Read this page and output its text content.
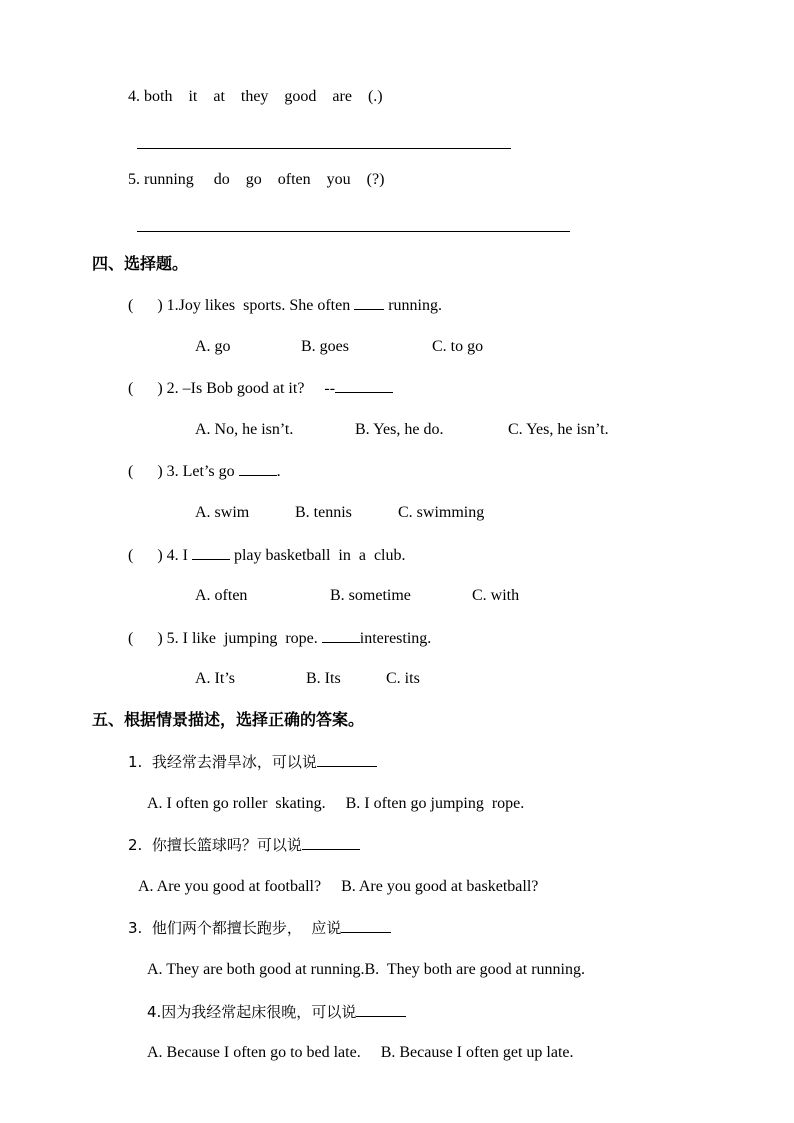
4. both    it    at    they    good    are    (.)
5. running     do    go    often    you    (?)
四、选择题。
(      ) 1.Joy likes  sports. She often running.
A. go	B. goes	C. to go
(      ) 2. –Is Bob good at it?     --
A. No, he isn’t.	B. Yes, he do.	C. Yes, he isn’t.
(      ) 3. Let’s go	.
A. swim	B. tennis	C. swimming
(      ) 4. I	play basketball  in  a  club.
A. often	B. sometime	C. with
(      ) 5. I like  jumping  rope.	interesting.
A. It’s	B. Its	C. its
五、根据情景描述，选择正确的答案。
1.  我经常去滑旱冰，可以说
A. I often go roller  skating.     B. I often go jumping  rope.
2.  你擅长篮球吗？可以说
A. Are you good at football?     B. Are you good at basketball?
3.  他们两个都擅长跑步，  应说
A. They are both good at running.B.  They both are good at running.
4.因为我经常起床很晚，可以说
A. Because I often go to bed late.     B. Because I often get up late.
